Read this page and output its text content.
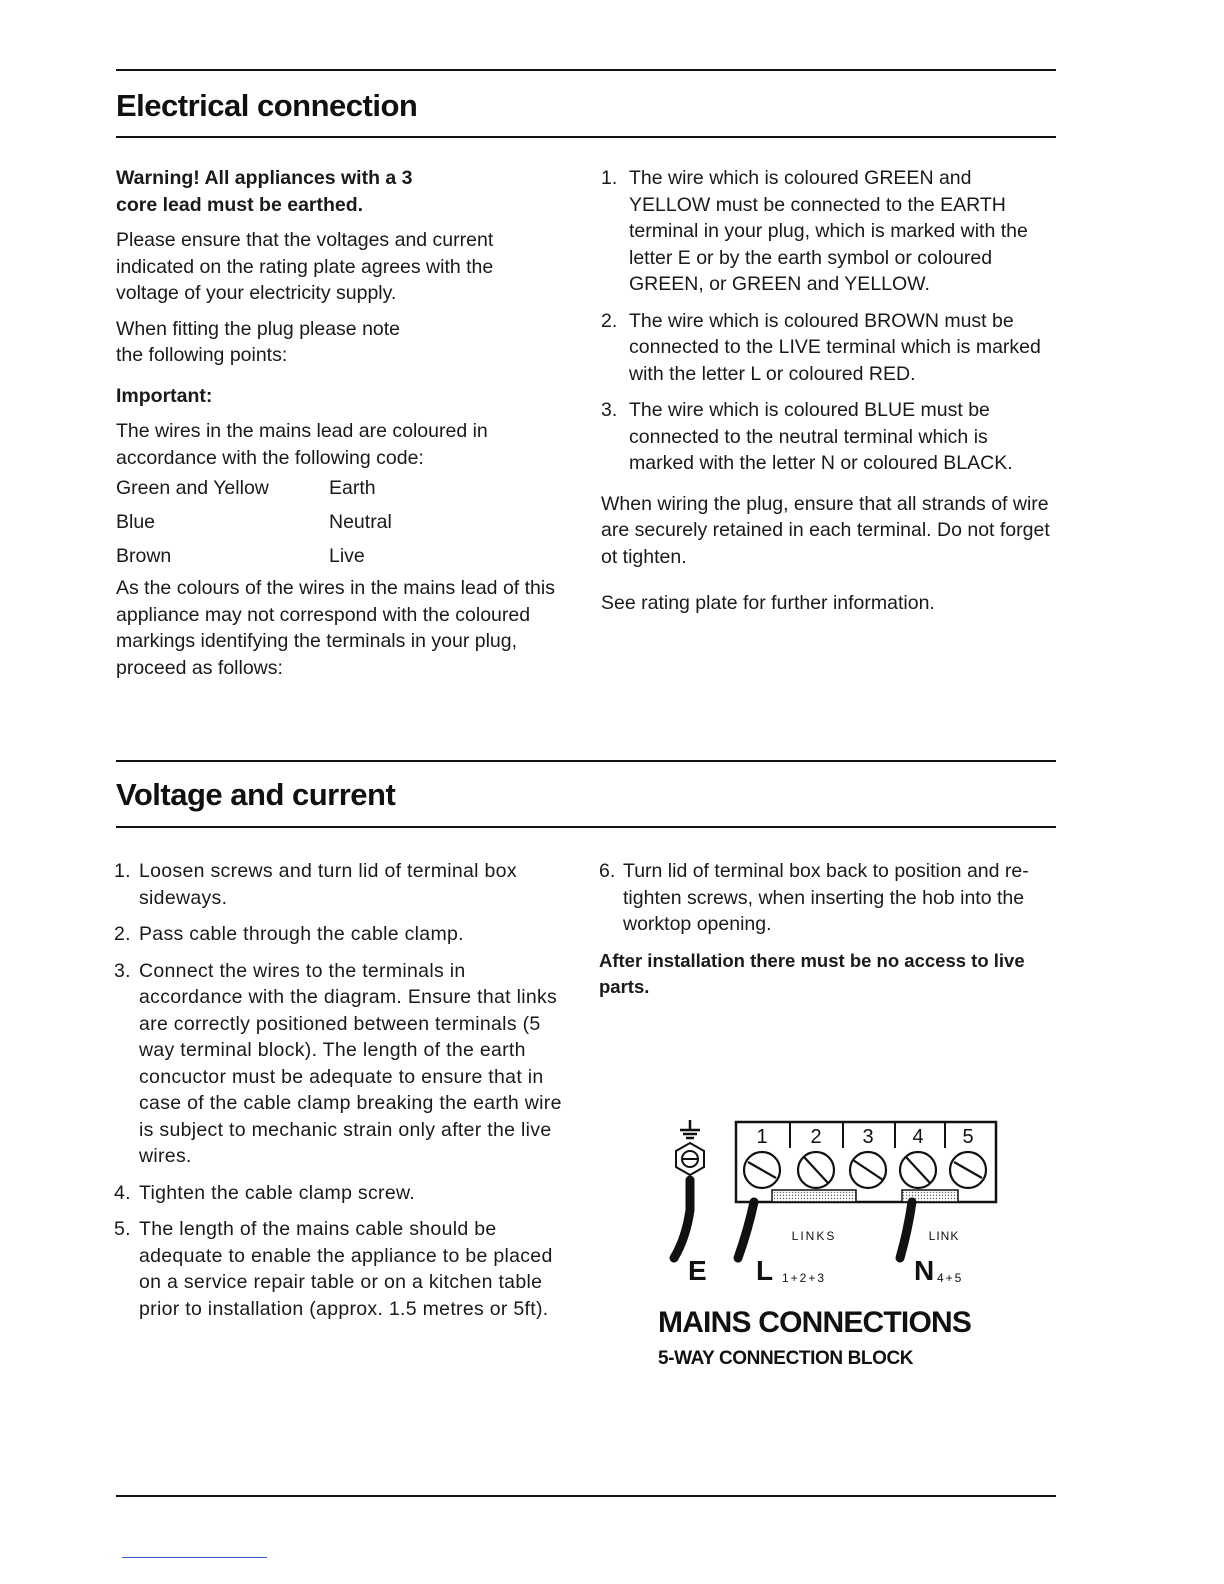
Electrical connection

Warning! All appliances with a 3 core lead must be earthed.

Please ensure that the voltages and current indicated on the rating plate agrees with the voltage of your electricity supply.

When fitting the plug please note the following points:

Important:

The wires in the mains lead are coloured in accordance with the following code:

Green and Yellow	Earth
Blue	Neutral
Brown	Live

As the colours of the wires in the mains lead of this appliance may not correspond with the coloured markings identifying the terminals in your plug, proceed as follows:

1. The wire which is coloured GREEN and YELLOW must be connected to the EARTH terminal in your plug, which is marked with the letter E or by the earth symbol or coloured GREEN, or GREEN and YELLOW.
2. The wire which is coloured BROWN must be connected to the LIVE terminal which is marked with the letter L or coloured RED.
3. The wire which is coloured BLUE must be connected to the neutral terminal which is marked with the letter N or coloured BLACK.

When wiring the plug, ensure that all strands of wire are securely retained in each terminal. Do not forget ot tighten.

See rating plate for further information.

Voltage and current
1. Loosen screws and turn lid of terminal box sideways.
2. Pass cable through the cable clamp.
3. Connect the wires to the terminals in accordance with the diagram. Ensure that links are correctly positioned between terminals (5 way terminal block). The length of the earth concuctor must be adequate to ensure that in case of the cable clamp breaking the earth wire is subject to mechanic strain only after the live wires.
4. Tighten the cable clamp screw.
5. The length of the mains cable should be adequate to enable the appliance to be placed on a service repair table or on a kitchen table prior to installation (approx. 1.5 metres or 5ft).
6. Turn lid of terminal box back to position and re-tighten screws, when inserting the hob into the worktop opening.

After installation there must be no access to live parts.

1 2 3 4 5
LINKS	LINK
E L 1+2+3	N 4+5
MAINS CONNECTIONS

5-WAY CONNECTION BLOCK
